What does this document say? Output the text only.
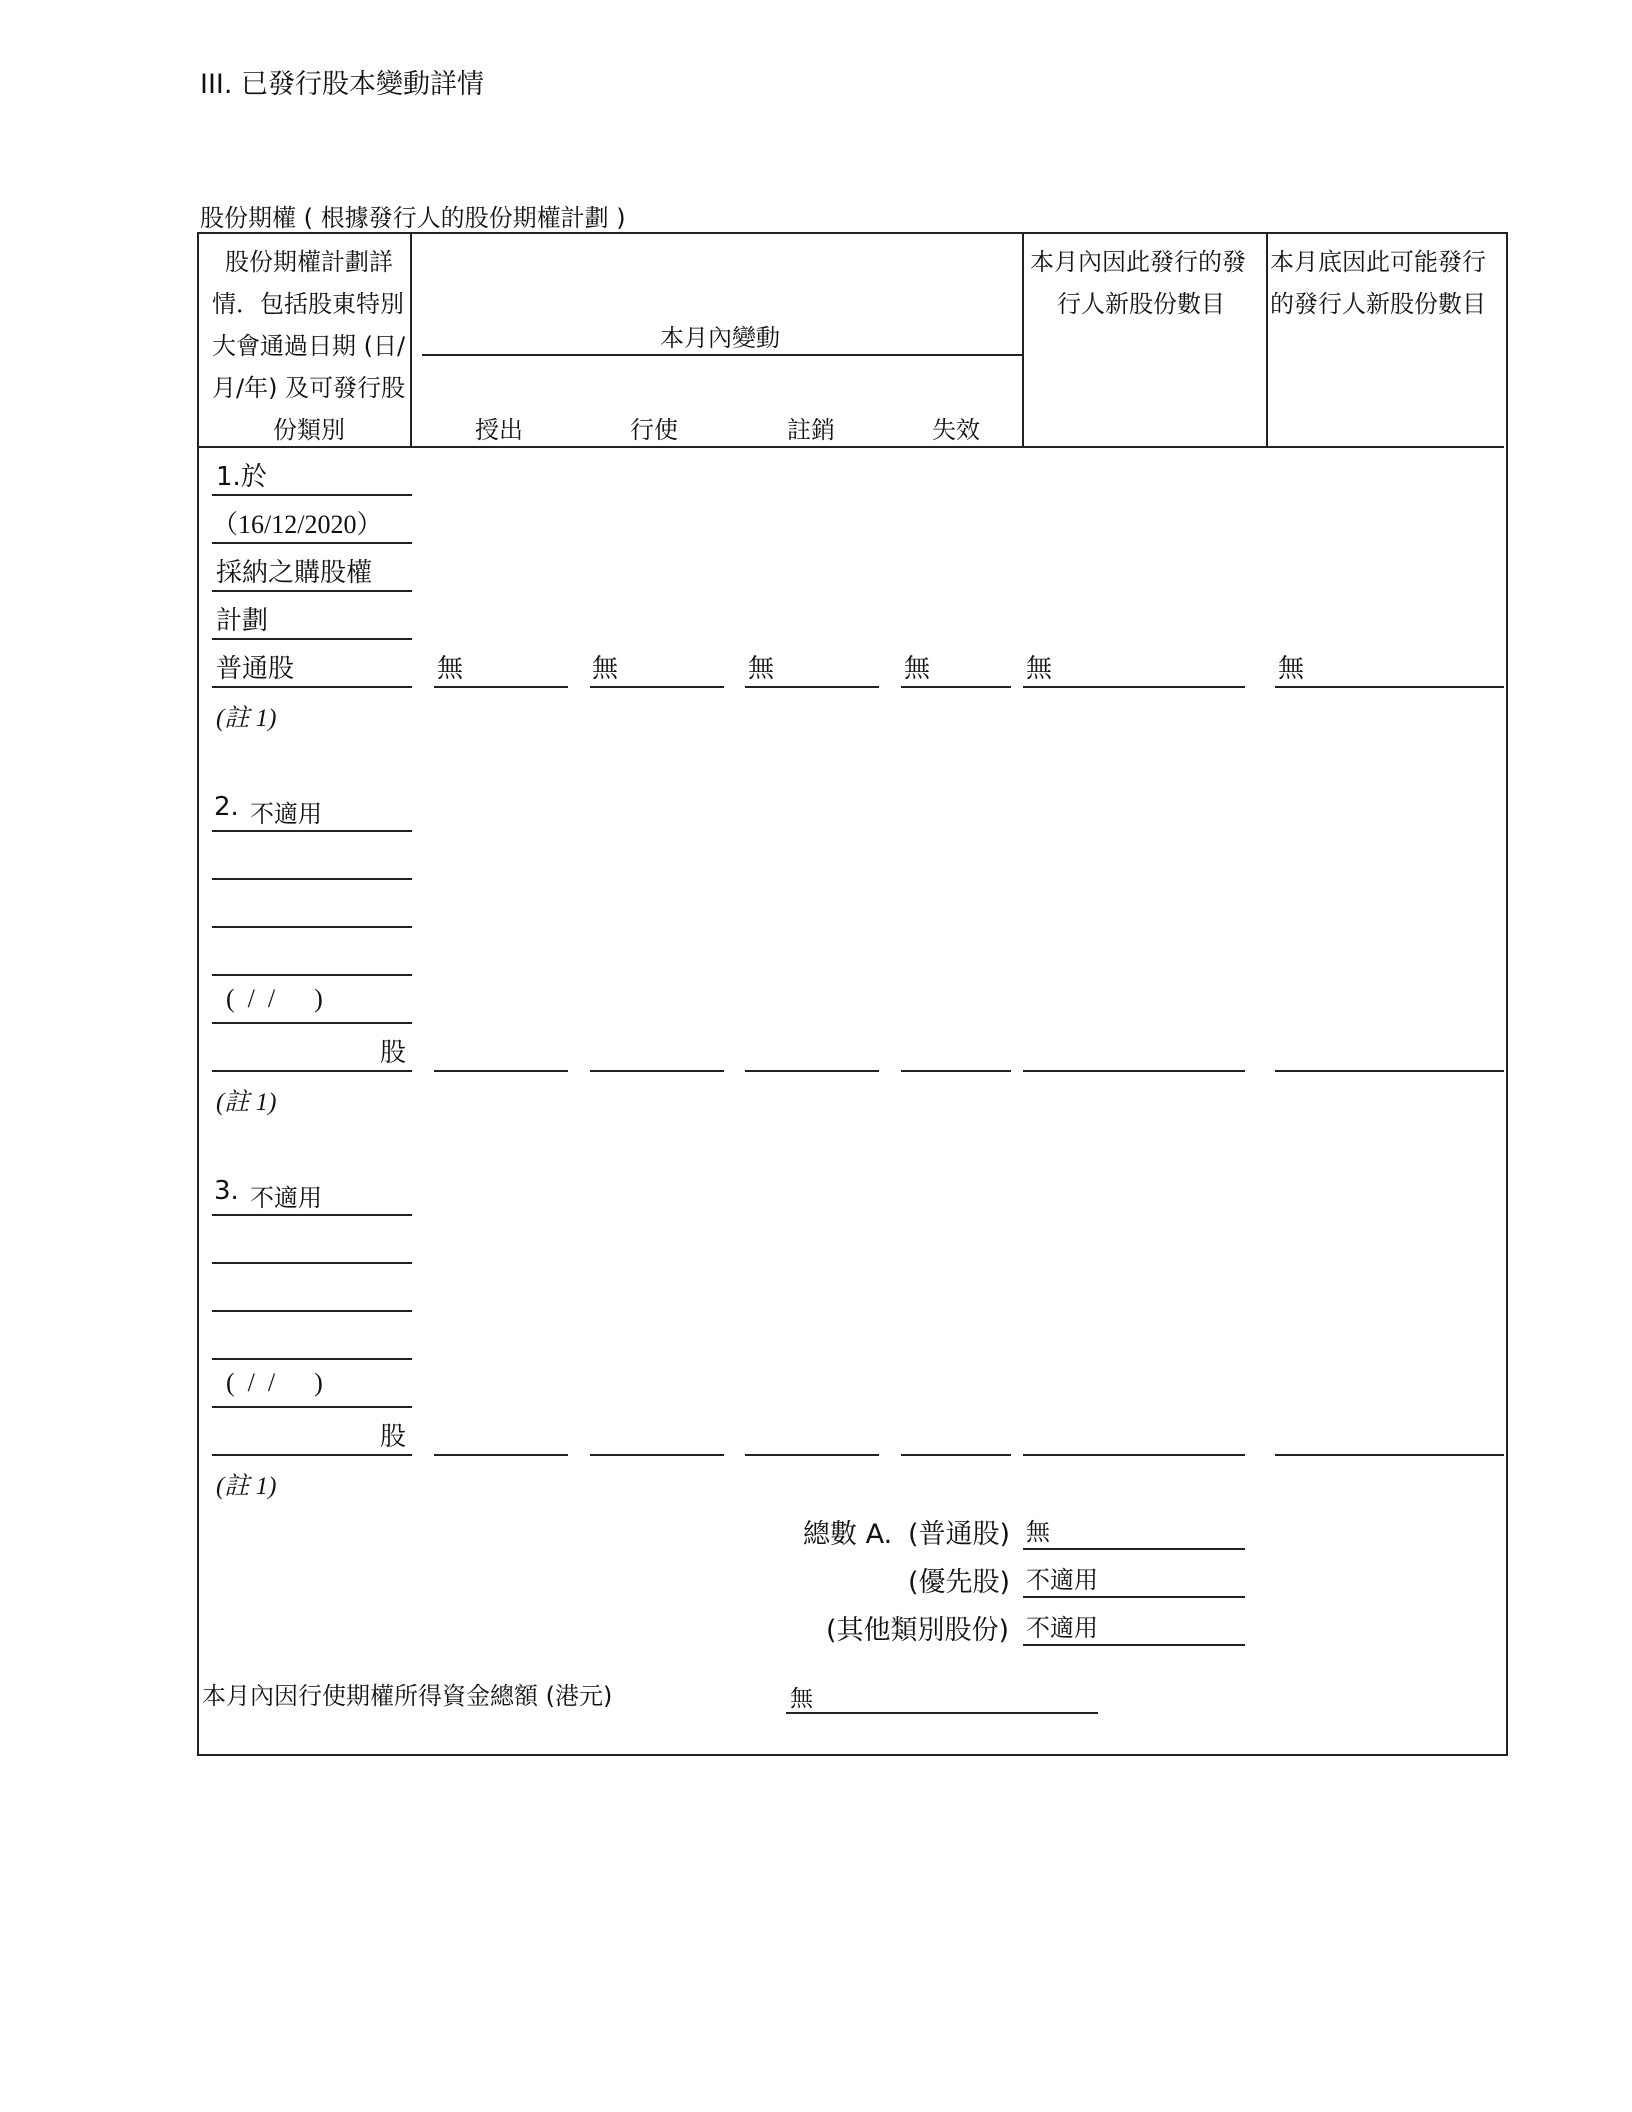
III. 已發行股本變動詳情
股份期權 ( 根據發行人的股份期權計劃 )
股份期權計劃詳
情．包括股東特別
大會通過日期 (日/
月/年) 及可發行股
份類別
本月內變動
授出	行使	註銷	失效
本月內因此發行的發
行人新股份數目
本月底因此可能發行
的發行人新股份數目
1.於
（16/12/2020）
採納之購股權
計劃
普通股	無	無	無	無	無	無
(註 1)
2. 不適用
(  /  /      )
股
(註 1)
3. 不適用
(  /  /      )
股
(註 1)
總數 A. (普通股) 無
(優先股) 不適用
(其他類別股份) 不適用
本月內因行使期權所得資金總額 (港元)	無
